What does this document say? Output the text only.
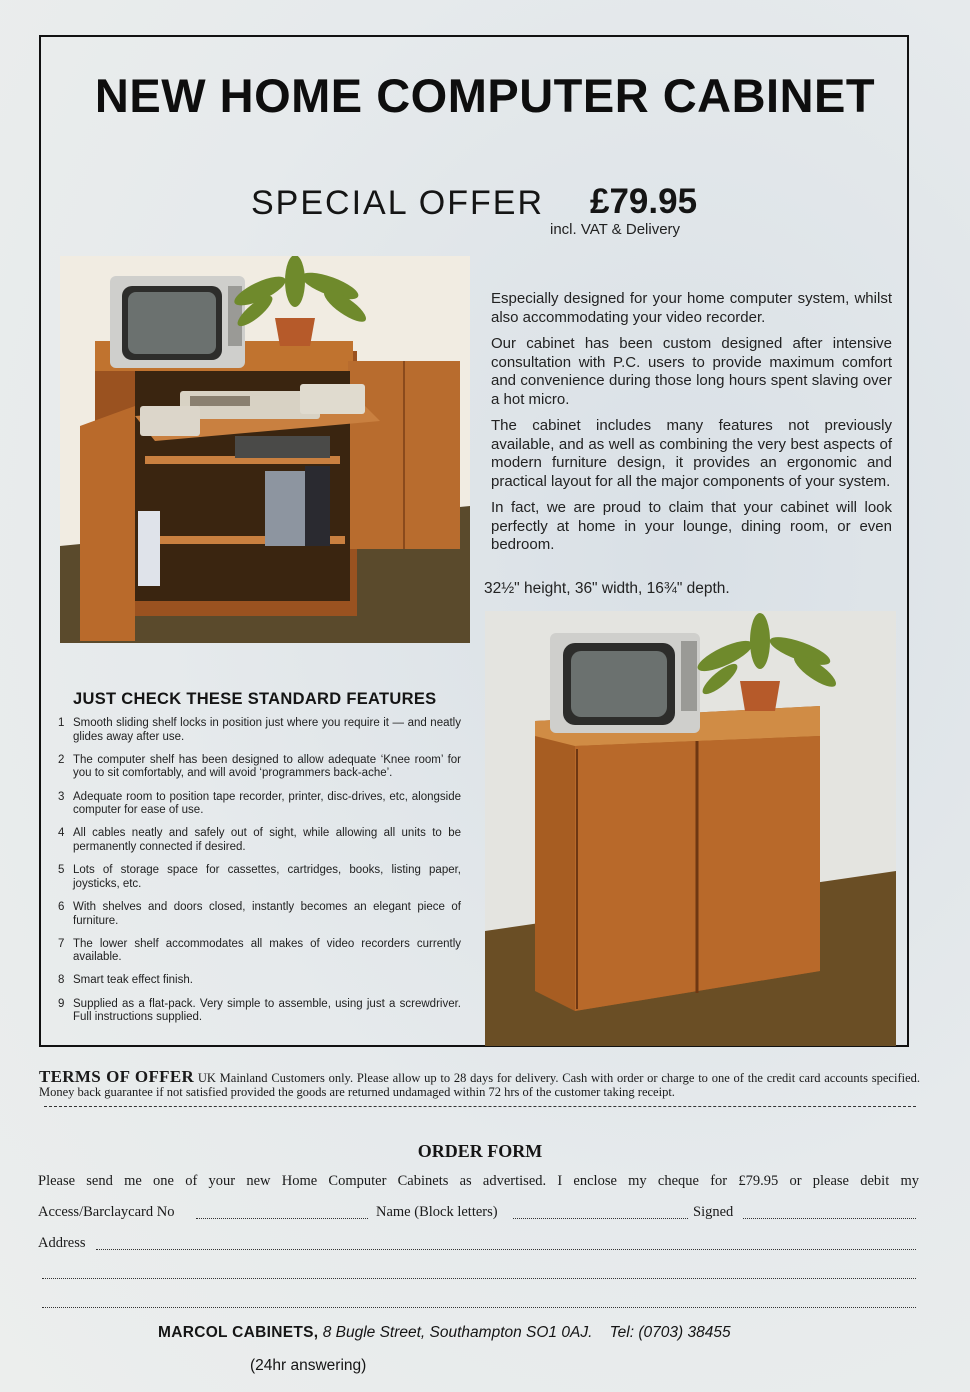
NEW HOME COMPUTER CABINET
SPECIAL OFFER £79.95
incl. VAT & Delivery

Especially designed for your home computer system, whilst also accommodating your video recorder.

Our cabinet has been custom designed after intensive consultation with P.C. users to provide maximum comfort and convenience during those long hours spent slaving over a hot micro.

The cabinet includes many features not previously available, and as well as combining the very best aspects of modern furniture design, it provides an ergonomic and practical layout for all the major components of your system.

In fact, we are proud to claim that your cabinet will look perfectly at home in your lounge, dining room, or even bedroom.

32½" height, 36" width, 16¾" depth.
JUST CHECK THESE STANDARD FEATURES
1 Smooth sliding shelf locks in position just where you require it — and neatly glides away after use.
2 The computer shelf has been designed to allow adequate ‘Knee room’ for you to sit comfortably, and will avoid ‘programmers back-ache’.
3 Adequate room to position tape recorder, printer, disc-drives, etc, alongside computer for ease of use.
4 All cables neatly and safely out of sight, while allowing all units to be permanently connected if desired.
5 Lots of storage space for cassettes, cartridges, books, listing paper, joysticks, etc.
6 With shelves and doors closed, instantly becomes an elegant piece of furniture.
7 The lower shelf accommodates all makes of video recorders currently available.
8 Smart teak effect finish.
9 Supplied as a flat-pack. Very simple to assemble, using just a screwdriver. Full instructions supplied.
TERMS OF OFFER UK Mainland Customers only. Please allow up to 28 days for delivery. Cash with order or charge to one of the credit card accounts specified. Money back guarantee if not satisfied provided the goods are returned undamaged within 72 hrs of the customer taking receipt.
ORDER FORM
Please send me one of your new Home Computer Cabinets as advertised. I enclose my cheque for £79.95 or please debit my
Access/Barclaycard No	Name (Block letters)	Signed
Address
MARCOL CABINETS, 8 Bugle Street, Southampton SO1 0AJ. Tel: (0703) 38455
(24hr answering)
